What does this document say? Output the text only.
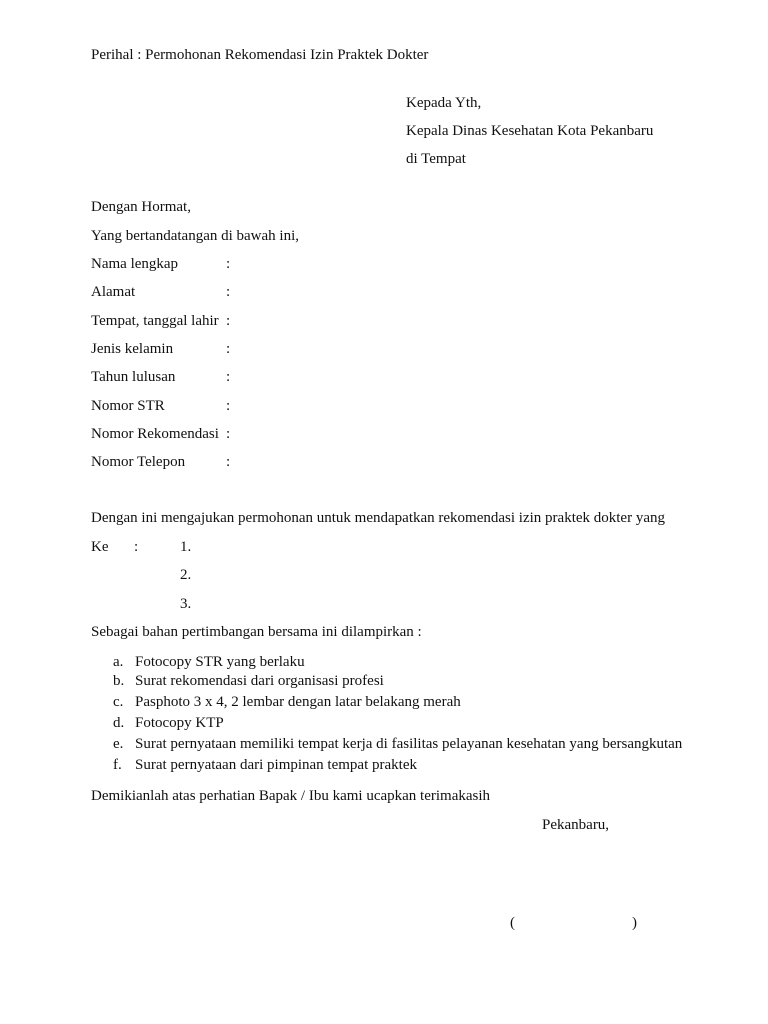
Perihal : Permohonan Rekomendasi Izin Praktek Dokter
Kepada Yth,
Kepala Dinas Kesehatan Kota Pekanbaru
di Tempat
Dengan Hormat,
Yang bertandatangan di bawah ini,
Nama lengkap	:
Alamat	:
Tempat, tanggal lahir :
Jenis kelamin	:
Tahun lulusan	:
Nomor STR	:
Nomor Rekomendasi :
Nomor Telepon	:
Dengan ini mengajukan permohonan untuk mendapatkan rekomendasi izin praktek dokter yang
Ke :	1.
2.
3.
Sebagai bahan pertimbangan bersama ini dilampirkan :
a. Fotocopy STR yang berlaku
b. Surat rekomendasi dari organisasi profesi
c. Pasphoto 3 x 4, 2 lembar dengan latar belakang merah
d. Fotocopy KTP
e. Surat pernyataan memiliki tempat kerja di fasilitas pelayanan kesehatan yang bersangkutan
f. Surat pernyataan dari pimpinan tempat praktek
Demikianlah atas perhatian Bapak / Ibu kami ucapkan terimakasih
Pekanbaru,
(	)
